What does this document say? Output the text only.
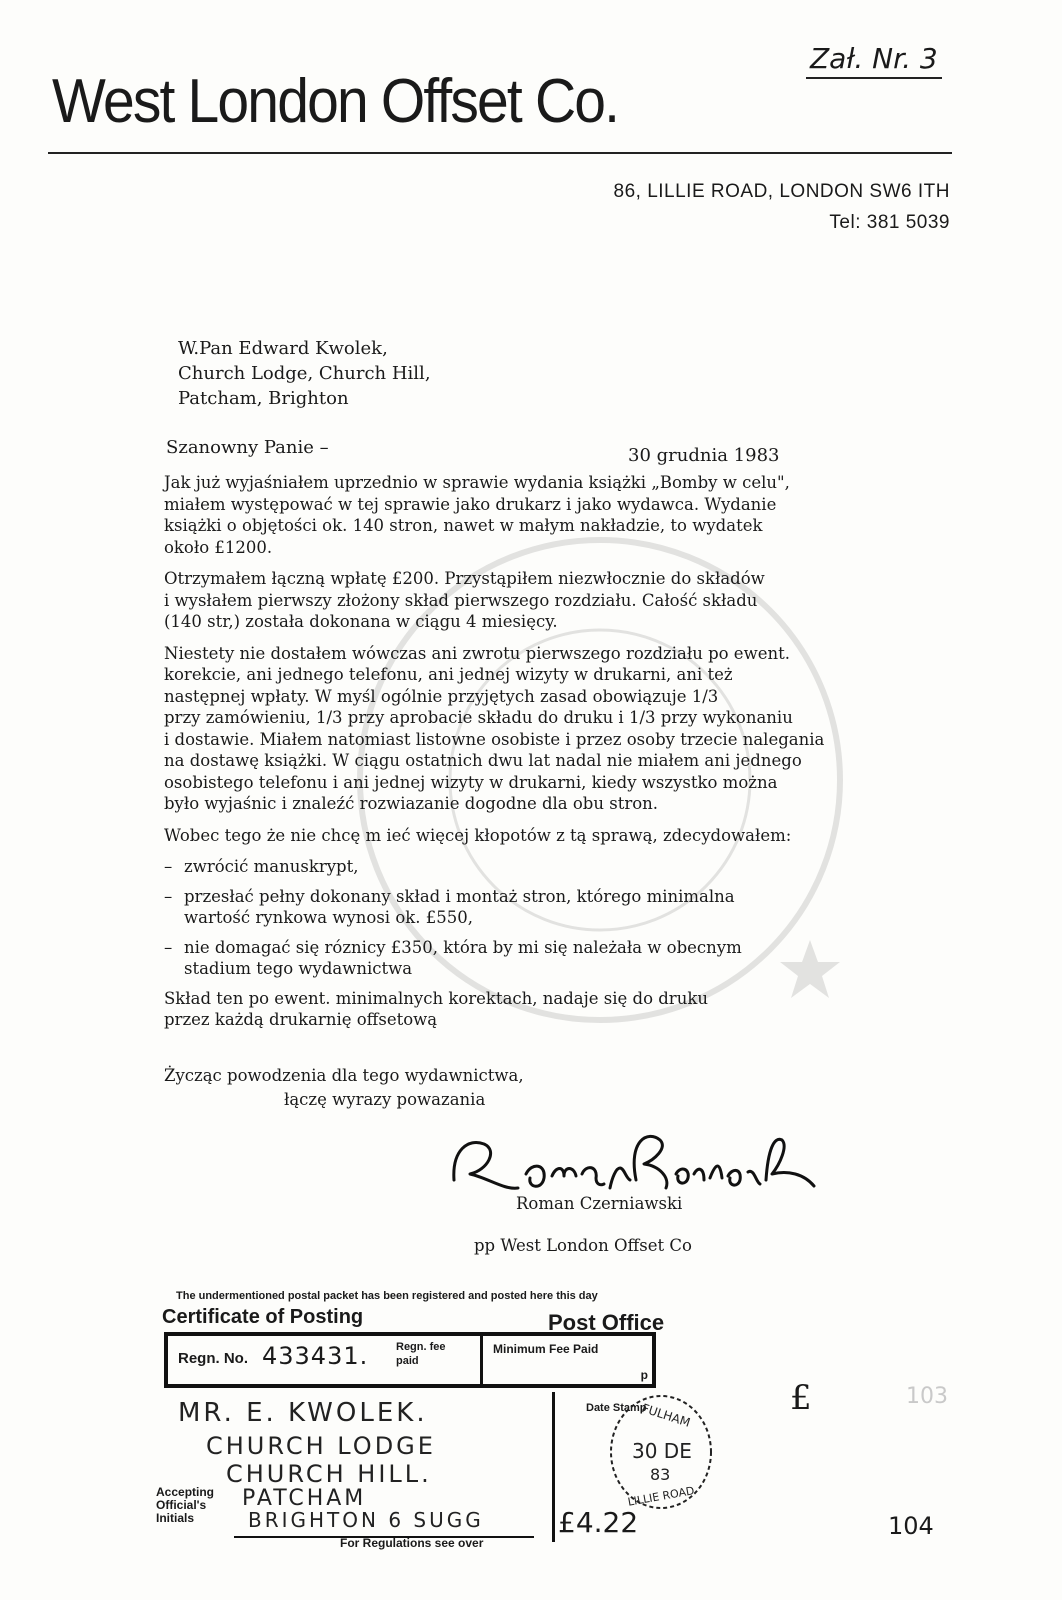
Zał. Nr. 3
West London Offset Co.
86, LILLIE ROAD, LONDON SW6 ITH
Tel: 381 5039
W.Pan Edward Kwolek,
Church Lodge, Church Hill,
Patcham, Brighton
Szanowny Panie –	30 grudnia 1983

Jak już wyjaśniałem uprzednio w sprawie wydania książki „Bomby w celu",
miałem występować w tej sprawie jako drukarz i jako wydawca. Wydanie
książki o objętości ok. 140 stron, nawet w małym nakładzie, to wydatek
około £1200.

Otrzymałem łączną wpłatę £200. Przystąpiłem niezwłocznie do składów
i wysłałem pierwszy złożony skład pierwszego rozdziału. Całość składu
(140 str,) została dokonana w ciągu 4 miesięcy.

Niestety nie dostałem wówczas ani zwrotu pierwszego rozdziału po ewent.
korekcie, ani jednego telefonu, ani jednej wizyty w drukarni, ani też
następnej wpłaty. W myśl ogólnie przyjętych zasad obowiązuje 1/3
przy zamówieniu, 1/3 przy aprobacie składu do druku i 1/3 przy wykonaniu
i dostawie. Miałem natomiast listowne osobiste i przez osoby trzecie nalegania
na dostawę książki. W ciągu ostatnich dwu lat nadal nie miałem ani jednego
osobistego telefonu i ani jednej wizyty w drukarni, kiedy wszystko można
było wyjaśnic i znaleźć rozwiazanie dogodne dla obu stron.

Wobec tego że nie chcę m ieć więcej kłopotów z tą sprawą, zdecydowałem:

– zwrócić manuskrypt,
– przesłać pełny dokonany skład i montaż stron, którego minimalna
wartość rynkowa wynosi ok. £550,
– nie domagać się róznicy £350, która by mi się należała w obecnym
stadium tego wydawnictwa

Skład ten po ewent. minimalnych korektach, nadaje się do druku
przez każdą drukarnię offsetową

Życząc powodzenia dla tego wydawnictwa,
łączę wyrazy powazania
Roman Czerniawski
pp West London Offset Co
The undermentioned postal packet has been registered and posted here this day
Certificate of Posting	Post Office
Regn. No. 433431.	Regn. fee paid
Minimum Fee Paid
p
MR. E. KWOLEK.
CHURCH LODGE
CHURCH HILL.
PATCHAM
BRIGHTON 6 SUGG
Accepting Official's Initials
For Regulations see over
Date Stamp
£4.22
FULHAM
30 DE
83
LILLIE ROAD
£	103
104
